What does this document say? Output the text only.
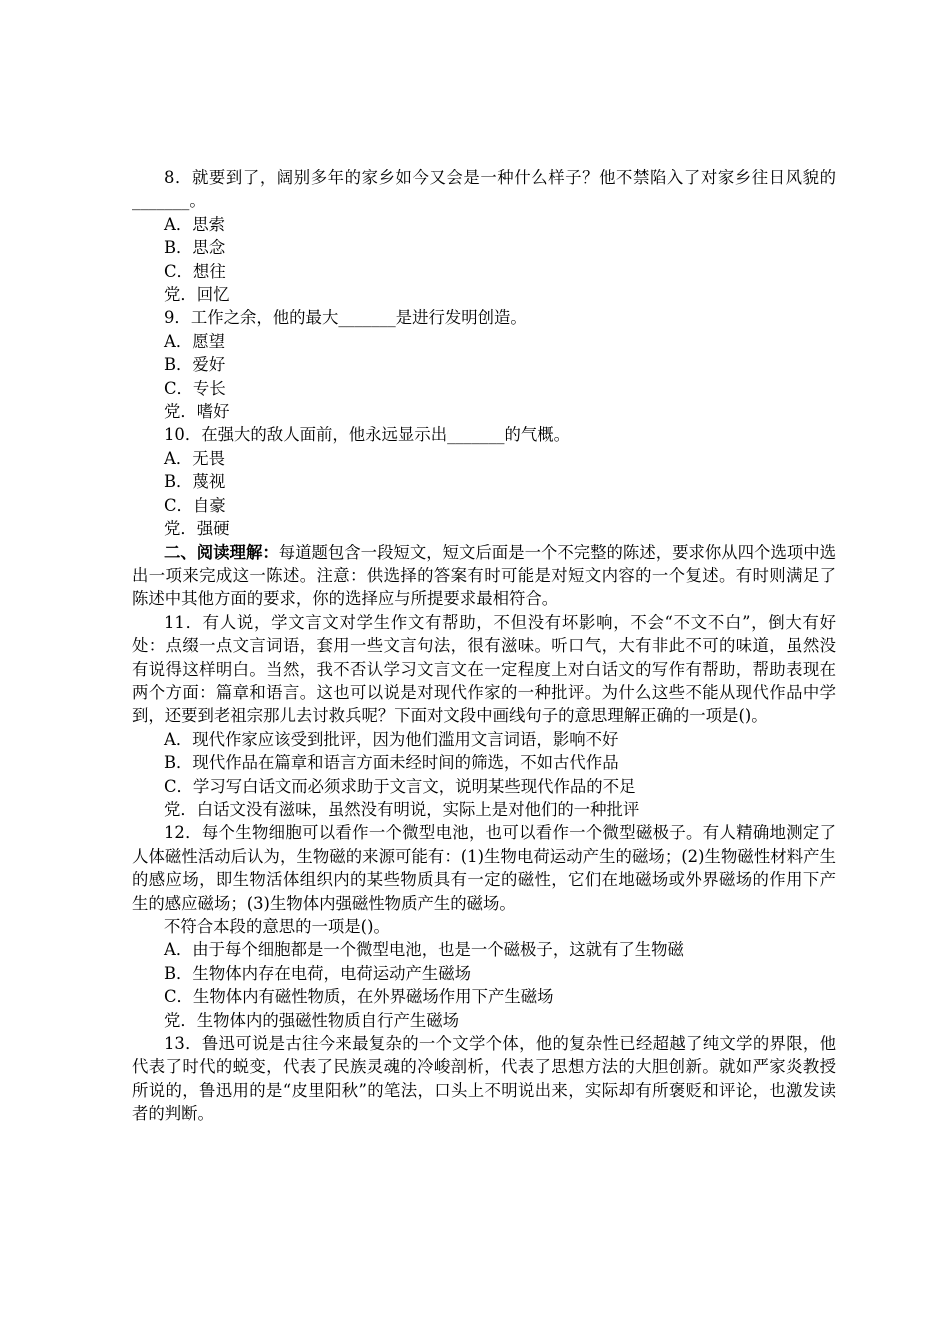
8．就要到了，阔别多年的家乡如今又会是一种什么样子？他不禁陷入了对家乡往日风貌的_______。

A．思索

B．思念

C．想往

党．回忆

9．工作之余，他的最大_______是进行发明创造。

A．愿望

B．爱好

C．专长

党．嗜好

10．在强大的敌人面前，他永远显示出_______的气概。

A．无畏

B．蔑视

C．自豪

党．强硬

二、阅读理解：每道题包含一段短文，短文后面是一个不完整的陈述，要求你从四个选项中选出一项来完成这一陈述。注意：供选择的答案有时可能是对短文内容的一个复述。有时则满足了陈述中其他方面的要求，你的选择应与所提要求最相符合。

11．有人说，学文言文对学生作文有帮助，不但没有坏影响，不会“不文不白”，倒大有好处：点缀一点文言词语，套用一些文言句法，很有滋味。听口气，大有非此不可的味道，虽然没有说得这样明白。当然，我不否认学习文言文在一定程度上对白话文的写作有帮助，帮助表现在两个方面：篇章和语言。这也可以说是对现代作家的一种批评。为什么这些不能从现代作品中学到，还要到老祖宗那儿去讨救兵呢？下面对文段中画线句子的意思理解正确的一项是()。

A．现代作家应该受到批评，因为他们滥用文言词语，影响不好

B．现代作品在篇章和语言方面未经时间的筛选，不如古代作品

C．学习写白话文而必须求助于文言文，说明某些现代作品的不足

党．白话文没有滋味，虽然没有明说，实际上是对他们的一种批评

12．每个生物细胞可以看作一个微型电池，也可以看作一个微型磁极子。有人精确地测定了人体磁性活动后认为，生物磁的来源可能有：(1)生物电荷运动产生的磁场；(2)生物磁性材料产生的感应场，即生物活体组织内的某些物质具有一定的磁性，它们在地磁场或外界磁场的作用下产生的感应磁场；(3)生物体内强磁性物质产生的磁场。

不符合本段的意思的一项是()。

A．由于每个细胞都是一个微型电池，也是一个磁极子，这就有了生物磁

B．生物体内存在电荷，电荷运动产生磁场

C．生物体内有磁性物质，在外界磁场作用下产生磁场

党．生物体内的强磁性物质自行产生磁场

13．鲁迅可说是古往今来最复杂的一个文学个体，他的复杂性已经超越了纯文学的界限，他代表了时代的蜕变，代表了民族灵魂的冷峻剖析，代表了思想方法的大胆创新。就如严家炎教授所说的，鲁迅用的是“皮里阳秋”的笔法，口头上不明说出来，实际却有所褒贬和评论，也激发读者的判断。
